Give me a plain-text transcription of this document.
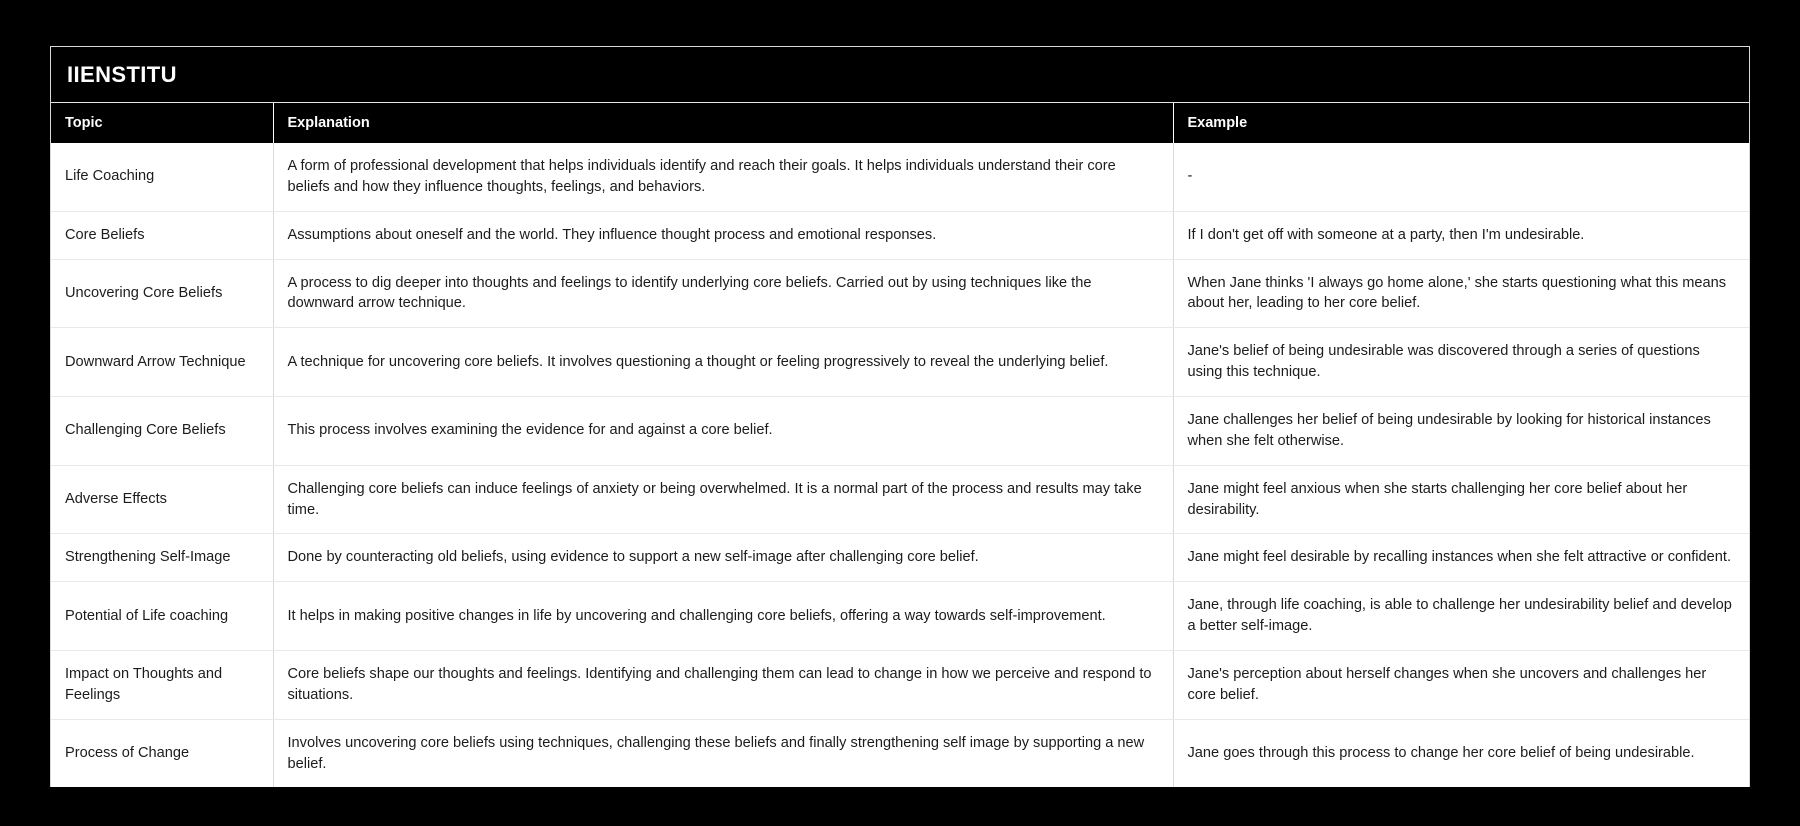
IIENSTITU
Topic	Explanation	Example
Life Coaching	A form of professional development that helps individuals identify and reach their goals. It helps individuals understand their core beliefs and how they influence thoughts, feelings, and behaviors.	-
Core Beliefs	Assumptions about oneself and the world. They influence thought process and emotional responses.	If I don't get off with someone at a party, then I'm undesirable.
Uncovering Core Beliefs	A process to dig deeper into thoughts and feelings to identify underlying core beliefs. Carried out by using techniques like the downward arrow technique.	When Jane thinks 'I always go home alone,' she starts questioning what this means about her, leading to her core belief.
Downward Arrow Technique	A technique for uncovering core beliefs. It involves questioning a thought or feeling progressively to reveal the underlying belief.	Jane's belief of being undesirable was discovered through a series of questions using this technique.
Challenging Core Beliefs	This process involves examining the evidence for and against a core belief.	Jane challenges her belief of being undesirable by looking for historical instances when she felt otherwise.
Adverse Effects	Challenging core beliefs can induce feelings of anxiety or being overwhelmed. It is a normal part of the process and results may take time.	Jane might feel anxious when she starts challenging her core belief about her desirability.
Strengthening Self-Image	Done by counteracting old beliefs, using evidence to support a new self-image after challenging core belief.	Jane might feel desirable by recalling instances when she felt attractive or confident.
Potential of Life coaching	It helps in making positive changes in life by uncovering and challenging core beliefs, offering a way towards self-improvement.	Jane, through life coaching, is able to challenge her undesirability belief and develop a better self-image.
Impact on Thoughts and Feelings	Core beliefs shape our thoughts and feelings. Identifying and challenging them can lead to change in how we perceive and respond to situations.	Jane's perception about herself changes when she uncovers and challenges her core belief.
Process of Change	Involves uncovering core beliefs using techniques, challenging these beliefs and finally strengthening self image by supporting a new belief.	Jane goes through this process to change her core belief of being undesirable.
